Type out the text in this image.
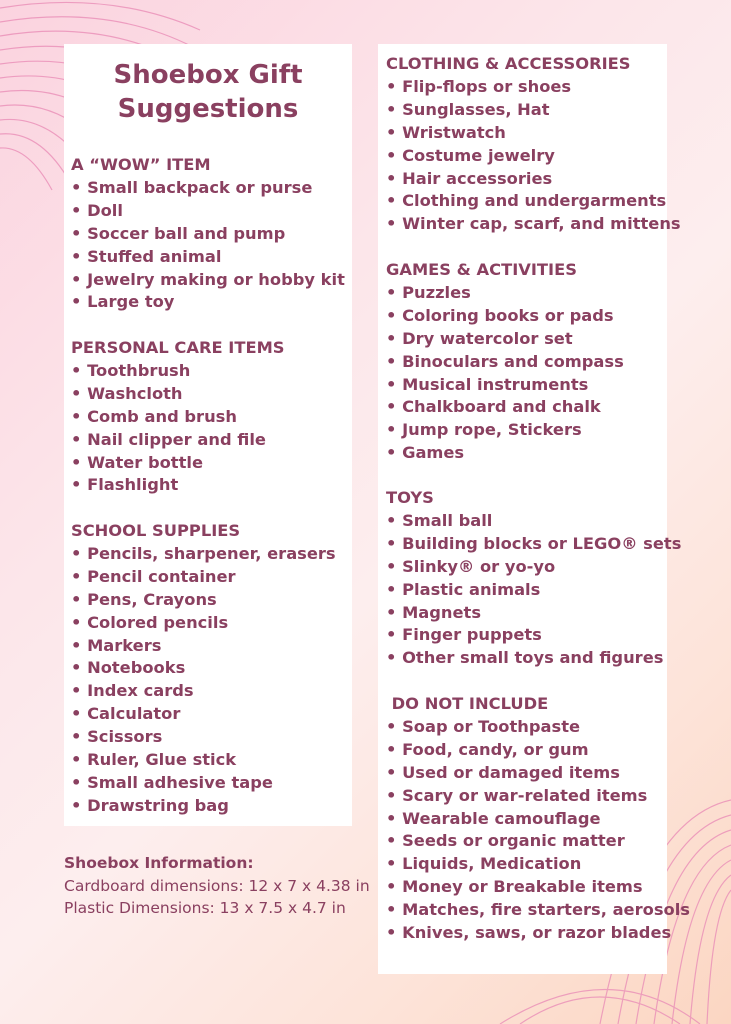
Shoebox Gift
Suggestions
A “WOW” ITEM
• Small backpack or purse
• Doll
• Soccer ball and pump
• Stuffed animal
• Jewelry making or hobby kit
• Large toy
PERSONAL CARE ITEMS
• Toothbrush
• Washcloth
• Comb and brush
• Nail clipper and file
• Water bottle
• Flashlight
SCHOOL SUPPLIES
• Pencils, sharpener, erasers
• Pencil container
• Pens, Crayons
• Colored pencils
• Markers
• Notebooks
• Index cards
• Calculator
• Scissors
• Ruler, Glue stick
• Small adhesive tape
• Drawstring bag
CLOTHING & ACCESSORIES
• Flip-flops or shoes
• Sunglasses, Hat
• Wristwatch
• Costume jewelry
• Hair accessories
• Clothing and undergarments
• Winter cap, scarf, and mittens
GAMES & ACTIVITIES
• Puzzles
• Coloring books or pads
• Dry watercolor set
• Binoculars and compass
• Musical instruments
• Chalkboard and chalk
• Jump rope, Stickers
• Games
TOYS
• Small ball
• Building blocks or LEGO® sets
• Slinky® or yo-yo
• Plastic animals
• Magnets
• Finger puppets
• Other small toys and figures
DO NOT INCLUDE
• Soap or Toothpaste
• Food, candy, or gum
• Used or damaged items
• Scary or war-related items
• Wearable camouflage
• Seeds or organic matter
• Liquids, Medication
• Money or Breakable items
• Matches, fire starters, aerosols
• Knives, saws, or razor blades
Shoebox Information:
Cardboard dimensions: 12 x 7 x 4.38 in
Plastic Dimensions: 13 x 7.5 x 4.7 in
